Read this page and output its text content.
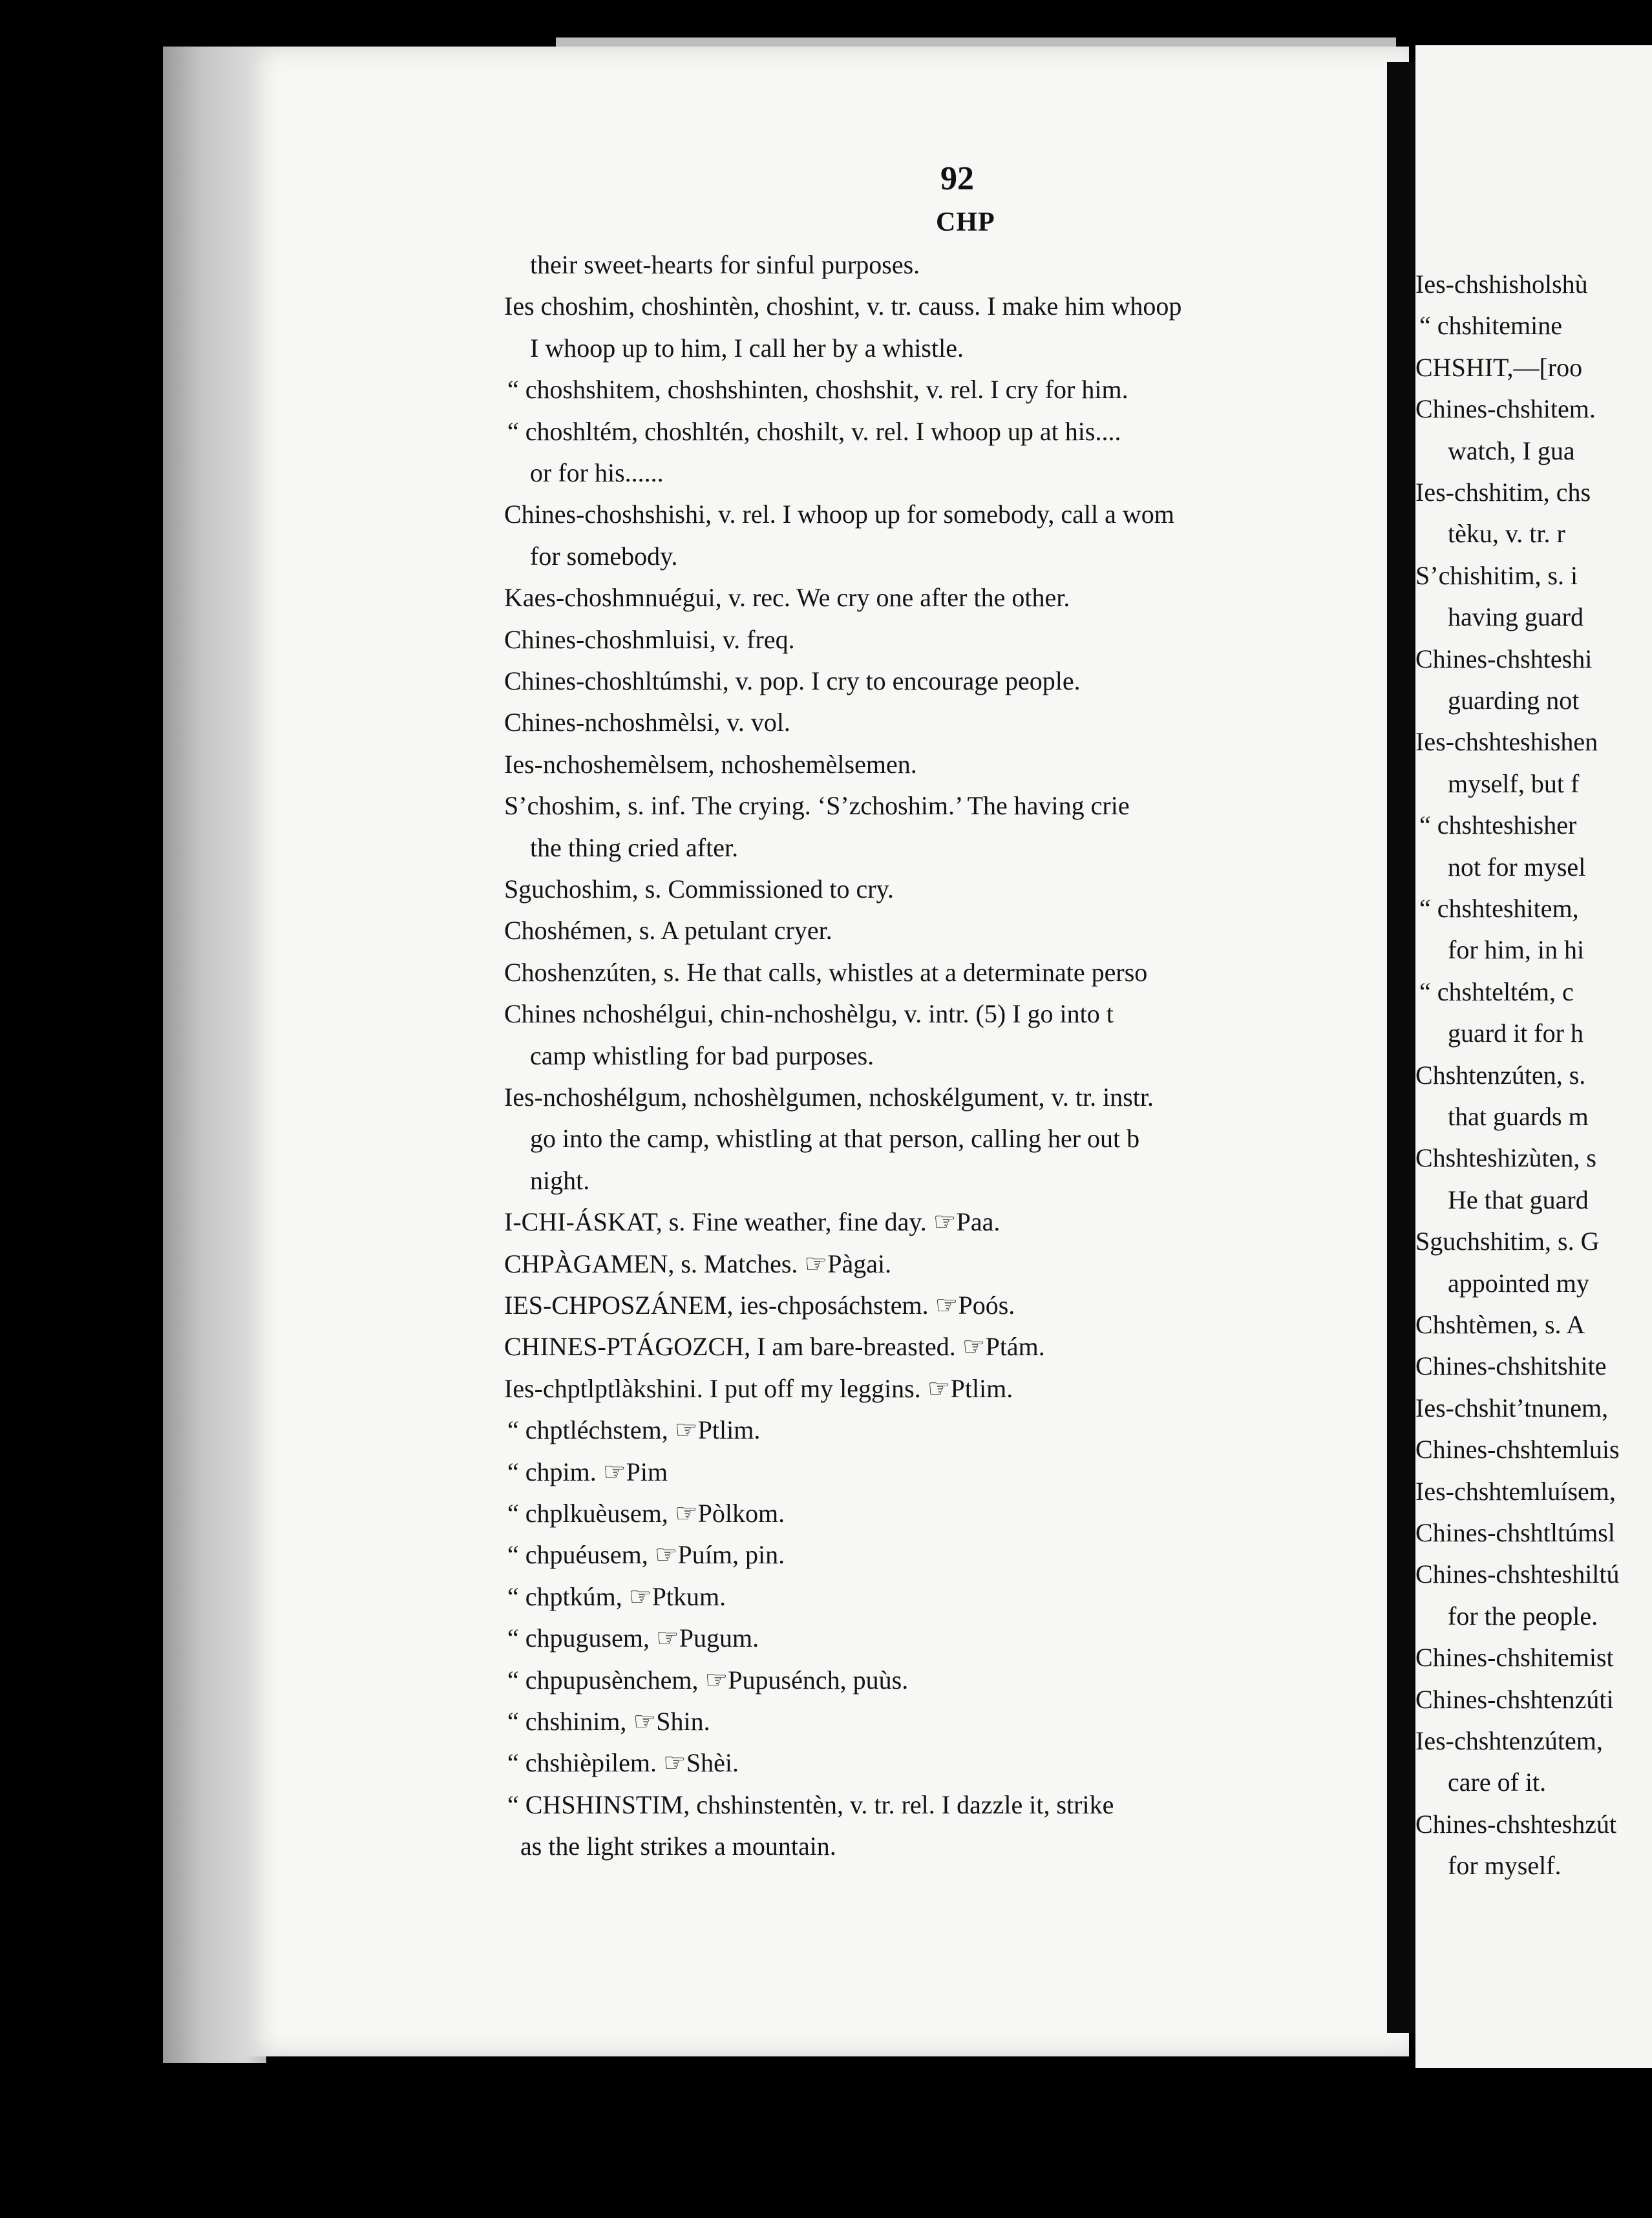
92
CHP
their sweet-hearts for sinful purposes.
Ies choshim, choshintèn, choshint, v. tr. causs. I make him whoop
I whoop up to him, I call her by a whistle.
“ choshshitem, choshshinten, choshshit, v. rel. I cry for him.
“ choshltém, choshltén, choshilt, v. rel. I whoop up at his....
or for his......
Chines-choshshishi, v. rel. I whoop up for somebody, call a wom
for somebody.
Kaes-choshmnuégui, v. rec. We cry one after the other.
Chines-choshmluisi, v. freq.
Chines-choshltúmshi, v. pop. I cry to encourage people.
Chines-nchoshmèlsi, v. vol.
Ies-nchoshemèlsem, nchoshemèlsemen.
S’choshim, s. inf. The crying. ‘S’zchoshim.’ The having crie
the thing cried after.
Sguchoshim, s. Commissioned to cry.
Choshémen, s. A petulant cryer.
Choshenzúten, s. He that calls, whistles at a determinate perso
Chines nchoshélgui, chin-nchoshèlgu, v. intr. (5) I go into t
camp whistling for bad purposes.
Ies-nchoshélgum, nchoshèlgumen, nchoskélgument, v. tr. instr.
go into the camp, whistling at that person, calling her out b
night.
I-CHI-ÁSKAT, s. Fine weather, fine day. ☞Paa.
CHPÀGAMEN, s. Matches. ☞Pàgai.
IES-CHPOSZÁNEM, ies-chposáchstem. ☞Poós.
CHINES-PTÁGOZCH, I am bare-breasted. ☞Ptám.
Ies-chptlptlàkshini. I put off my leggins. ☞Ptlim.
“ chptléchstem, ☞Ptlim.
“ chpim. ☞Pim
“ chplkuèusem, ☞Pòlkom.
“ chpuéusem, ☞Puím, pin.
“ chptkúm, ☞Ptkum.
“ chpugusem, ☞Pugum.
“ chpupusènchem, ☞Pupusénch, puùs.
“ chshinim, ☞Shin.
“ chshièpilem. ☞Shèi.
“ CHSHINSTIM, chshinstentèn, v. tr. rel. I dazzle it, strike
as the light strikes a mountain.
Ies-chshisholshù
“ chshitemine
CHSHIT,—[roo
Chines-chshitem.
watch, I gua
Ies-chshitim, chs
tèku, v. tr. r
S’chishitim, s. i
having guard
Chines-chshteshi
guarding not
Ies-chshteshishen
myself, but f
“ chshteshisher
not for mysel
“ chshteshitem,
for him, in hi
“ chshteltém, c
guard it for h
Chshtenzúten, s.
that guards m
Chshteshizùten, s
He that guard
Sguchshitim, s. G
appointed my
Chshtèmen, s. A
Chines-chshitshite
Ies-chshit’tnunem,
Chines-chshtemluis
Ies-chshtemluísem,
Chines-chshtltúmsl
Chines-chshteshiltú
for the people.
Chines-chshitemist
Chines-chshtenzúti
Ies-chshtenzútem,
care of it.
Chines-chshteshzút
for myself.
